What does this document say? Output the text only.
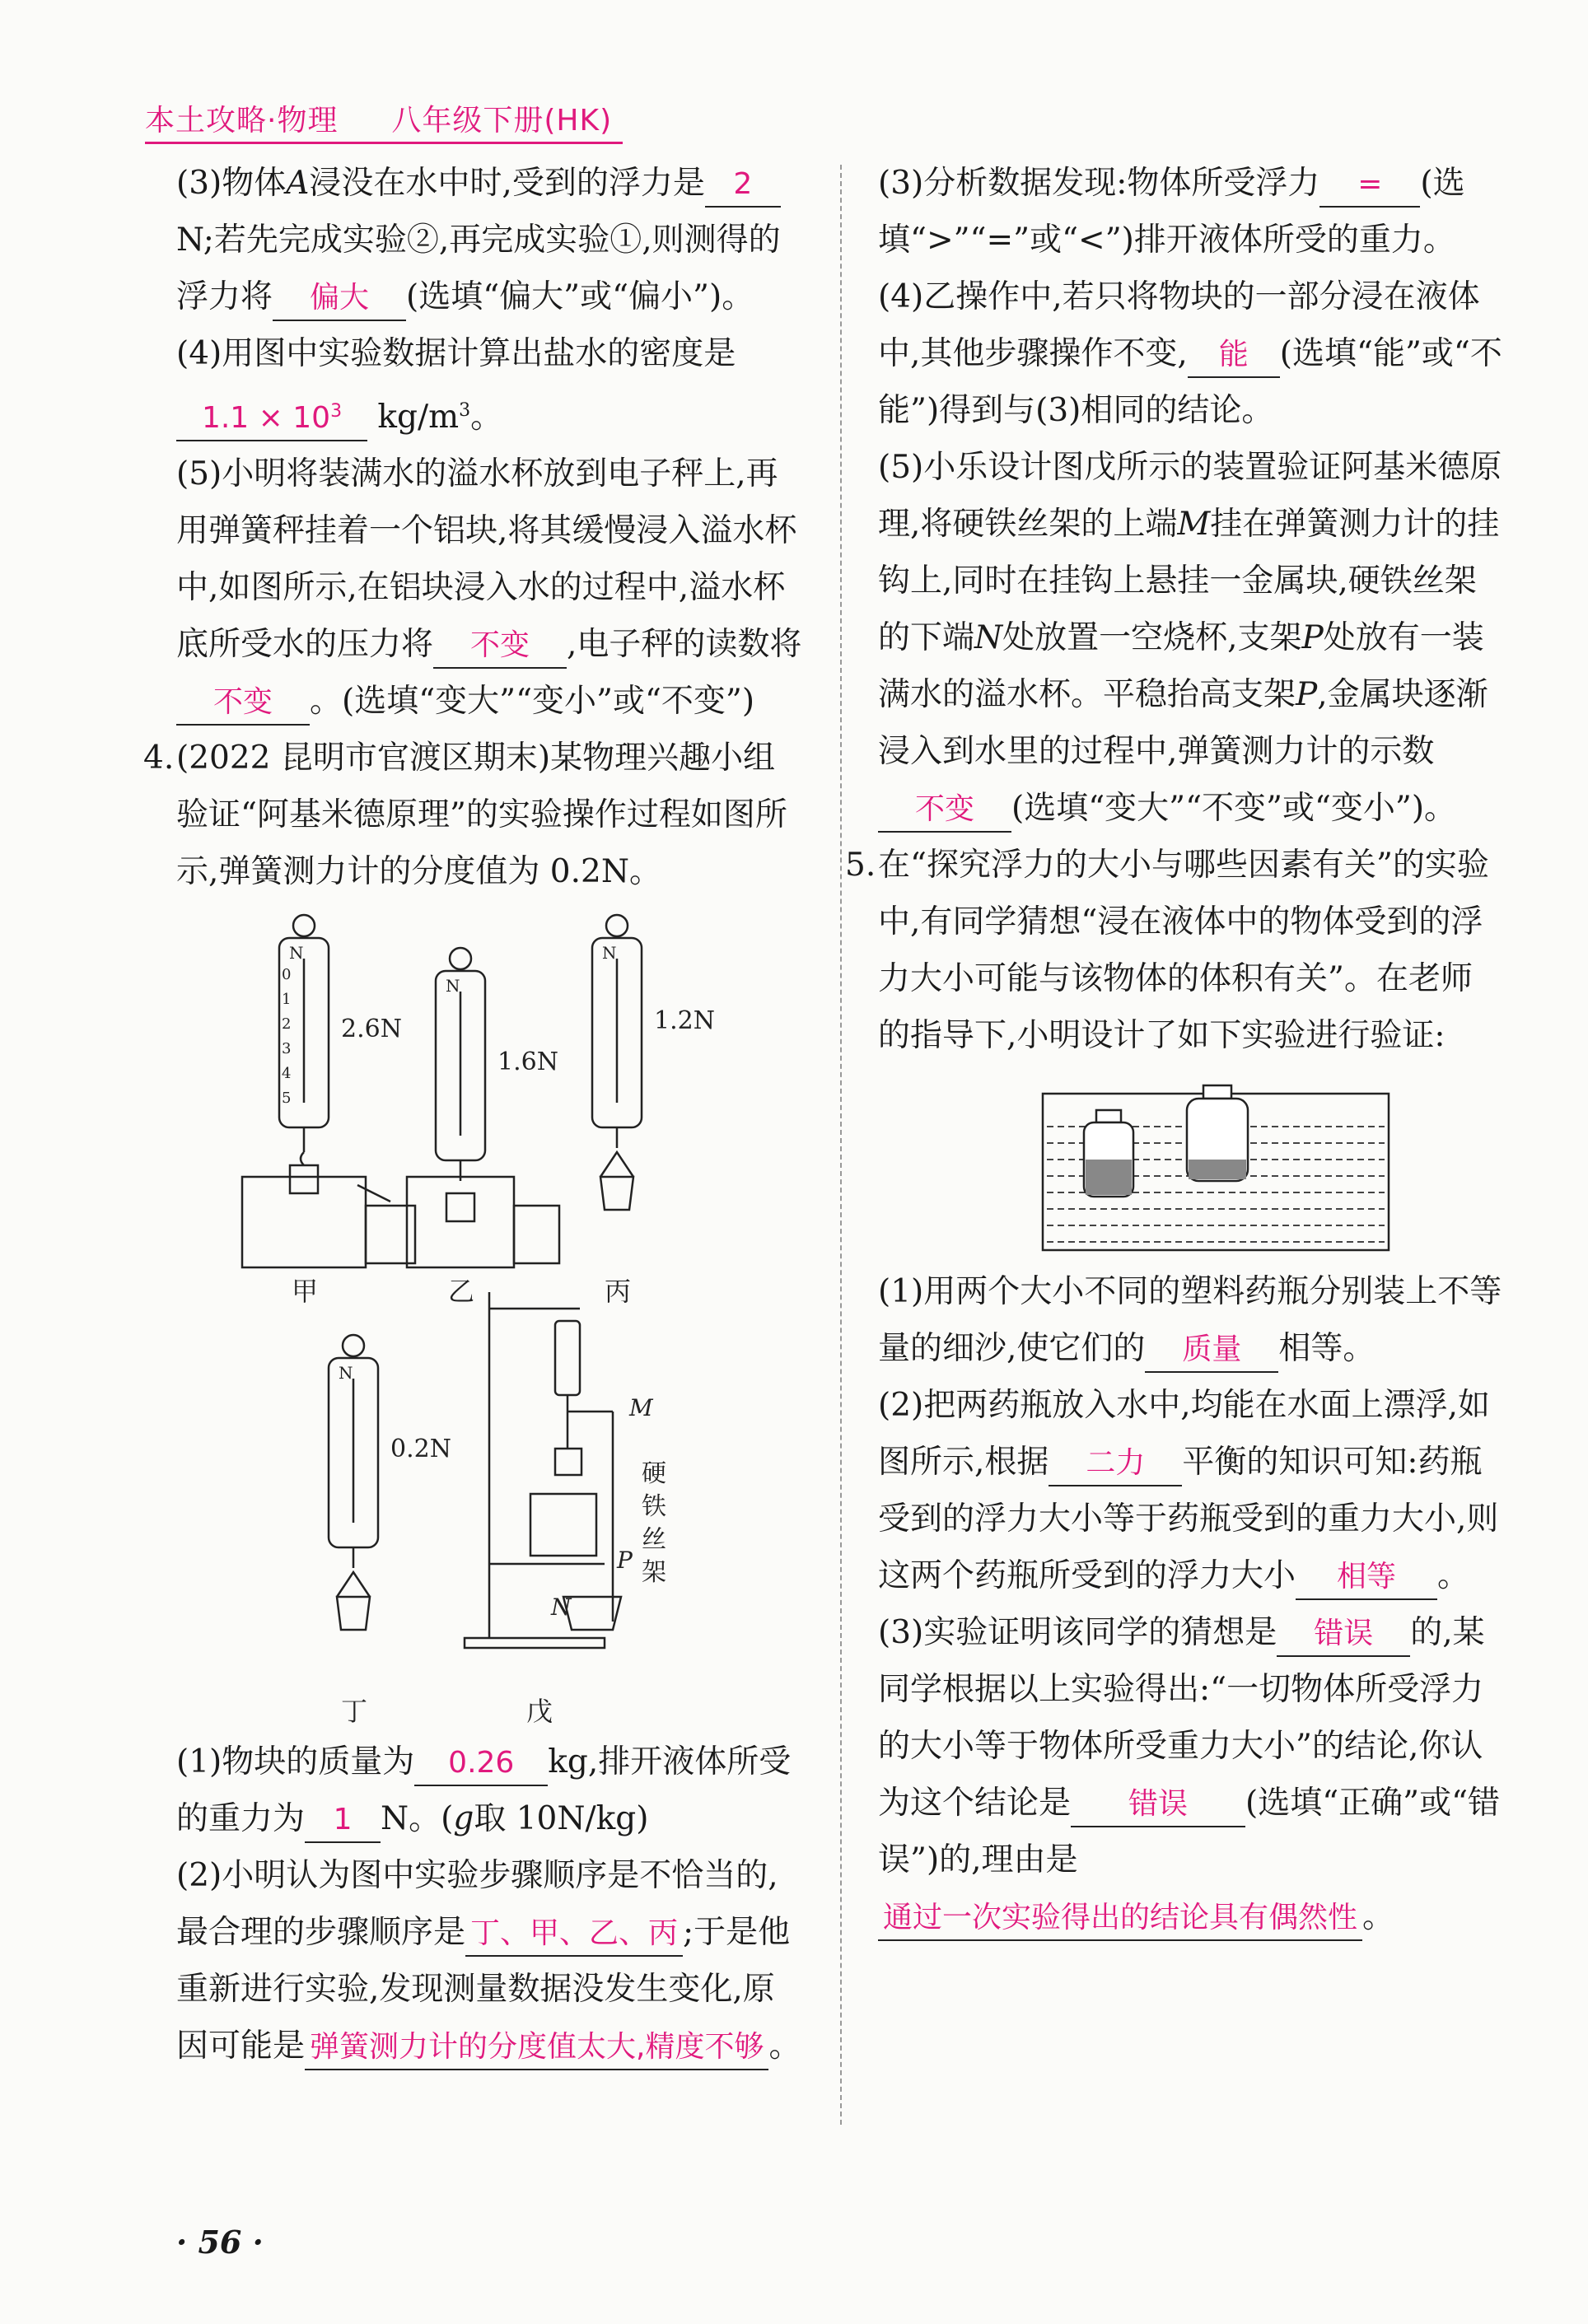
本土攻略·物理 八年级下册(HK)

(3)物体A浸没在水中时,受到的浮力是 2N;若先完成实验②,再完成实验①,则测得的浮力将 偏大 (选填“偏大”或“偏小”)。

(4)用图中实验数据计算出盐水的密度是$1.1 \times 10^3$ $kg/m^3$。

(5)小明将装满水的溢水杯放到电子秤上,再用弹簧秤挂着一个铝块,将其缓慢浸入溢水杯中,如图所示,在铝块浸入水的过程中,溢水杯底所受水的压力将 不变 ,电子秤的读数将不变 。(选填“变大”“变小”或“不变”)

4.(2022 昆明市官渡区期末)某物理兴趣小组验证“阿基米德原理”的实验操作过程如图所示,弹簧测力计的分度值为 0.2N。

N
N
N
N
0
1
2
3
4
5
2.6N
1.6N
1.2N
0.2N
甲	乙	丙
丁	戊
M
P
N
硬
铁
丝
架

(1)物块的质量为 0.26 kg,排开液体所受的重力为 1 N。(g取 10N/kg)

(2)小明认为图中实验步骤顺序是不恰当的,最合理的步骤顺序是 丁、甲、乙、丙 ;于是他重新进行实验,发现测量数据没发生变化,原因可能是 弹簧测力计的分度值太大,精度不够 。

(3)分析数据发现:物体所受浮力 = (选填“>”“=”或“<”)排开液体所受的重力。

(4)乙操作中,若只将物块的一部分浸在液体中,其他步骤操作不变, 能 (选填“能”或“不能”)得到与(3)相同的结论。

(5)小乐设计图戊所示的装置验证阿基米德原理,将硬铁丝架的上端M挂在弹簧测力计的挂钩上,同时在挂钩上悬挂一金属块,硬铁丝架的下端N处放置一空烧杯,支架P处放有一装满水的溢水杯。平稳抬高支架P,金属块逐渐浸入到水里的过程中,弹簧测力计的示数不变 (选填“变大”“不变”或“变小”)。

5.在“探究浮力的大小与哪些因素有关”的实验中,有同学猜想“浸在液体中的物体受到的浮力大小可能与该物体的体积有关”。在老师的指导下,小明设计了如下实验进行验证:

(1)用两个大小不同的塑料药瓶分别装上不等量的细沙,使它们的 质量 相等。

(2)把两药瓶放入水中,均能在水面上漂浮,如图所示,根据 二力 平衡的知识可知:药瓶受到的浮力大小等于药瓶受到的重力大小,则这两个药瓶所受到的浮力大小 相等 。

(3)实验证明该同学的猜想是 错误 的,某同学根据以上实验得出:“一切物体所受浮力的大小等于物体所受重力大小”的结论,你认为这个结论是 错误 (选填“正确”或“错误”)的,理由是通过一次实验得出的结论具有偶然性 。

· 56 ·
